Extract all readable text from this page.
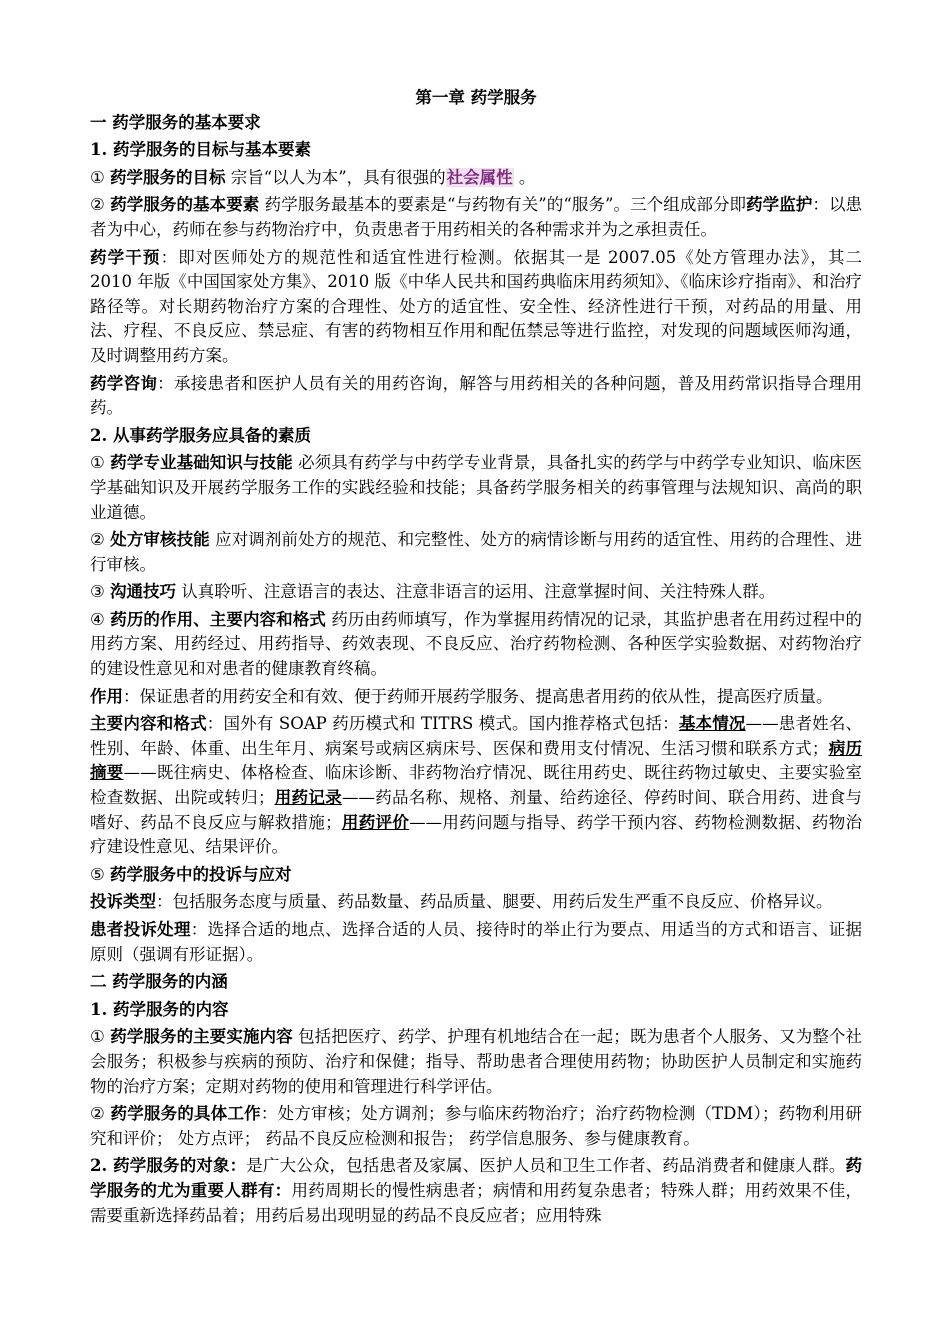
第一章 药学服务

一 药学服务的基本要求

1. 药学服务的目标与基本要素

① 药学服务的目标 宗旨“以人为本”，具有很强的社会属性 。

② 药学服务的基本要素 药学服务最基本的要素是“与药物有关”的“服务”。三个组成部分即药学监护：以患者为中心，药师在参与药物治疗中，负责患者于用药相关的各种需求并为之承担责任。

药学干预：即对医师处方的规范性和适宜性进行检测。依据其一是 2007.05《处方管理办法》，其二 2010 年版《中国国家处方集》、2010 版《中华人民共和国药典临床用药须知》、《临床诊疗指南》、和治疗路径等。对长期药物治疗方案的合理性、处方的适宜性、安全性、经济性进行干预，对药品的用量、用法、疗程、不良反应、禁忌症、有害的药物相互作用和配伍禁忌等进行监控，对发现的问题域医师沟通，及时调整用药方案。

药学咨询：承接患者和医护人员有关的用药咨询，解答与用药相关的各种问题，普及用药常识指导合理用药。

2. 从事药学服务应具备的素质

① 药学专业基础知识与技能 必须具有药学与中药学专业背景，具备扎实的药学与中药学专业知识、临床医学基础知识及开展药学服务工作的实践经验和技能；具备药学服务相关的药事管理与法规知识、高尚的职业道德。

② 处方审核技能 应对调剂前处方的规范、和完整性、处方的病情诊断与用药的适宜性、用药的合理性、进行审核。

③ 沟通技巧 认真聆听、注意语言的表达、注意非语言的运用、注意掌握时间、关注特殊人群。

④ 药历的作用、主要内容和格式 药历由药师填写，作为掌握用药情况的记录，其监护患者在用药过程中的用药方案、用药经过、用药指导、药效表现、不良反应、治疗药物检测、各种医学实验数据、对药物治疗的建设性意见和对患者的健康教育终稿。

作用：保证患者的用药安全和有效、便于药师开展药学服务、提高患者用药的依从性，提高医疗质量。

主要内容和格式：国外有 SOAP 药历模式和 TITRS 模式。国内推荐格式包括：基本情况——患者姓名、性别、年龄、体重、出生年月、病案号或病区病床号、医保和费用支付情况、生活习惯和联系方式；病历摘要——既往病史、体格检查、临床诊断、非药物治疗情况、既往用药史、既往药物过敏史、主要实验室检查数据、出院或转归；用药记录——药品名称、规格、剂量、给药途径、停药时间、联合用药、进食与嗜好、药品不良反应与解救措施；用药评价——用药问题与指导、药学干预内容、药物检测数据、药物治疗建设性意见、结果评价。

⑤ 药学服务中的投诉与应对

投诉类型：包括服务态度与质量、药品数量、药品质量、腿要、用药后发生严重不良反应、价格异议。

患者投诉处理：选择合适的地点、选择合适的人员、接待时的举止行为要点、用适当的方式和语言、证据原则（强调有形证据）。

二 药学服务的内涵

1. 药学服务的内容

① 药学服务的主要实施内容 包括把医疗、药学、护理有机地结合在一起；既为患者个人服务、又为整个社会服务；积极参与疾病的预防、治疗和保健；指导、帮助患者合理使用药物；协助医护人员制定和实施药物的治疗方案；定期对药物的使用和管理进行科学评估。

② 药学服务的具体工作：处方审核；处方调剂；参与临床药物治疗；治疗药物检测（TDM）；药物利用研究和评价； 处方点评； 药品不良反应检测和报告； 药学信息服务、参与健康教育。

2. 药学服务的对象：是广大公众，包括患者及家属、医护人员和卫生工作者、药品消费者和健康人群。药学服务的尤为重要人群有：用药周期长的慢性病患者；病情和用药复杂患者；特殊人群；用药效果不佳，需要重新选择药品着；用药后易出现明显的药品不良反应者；应用特殊
